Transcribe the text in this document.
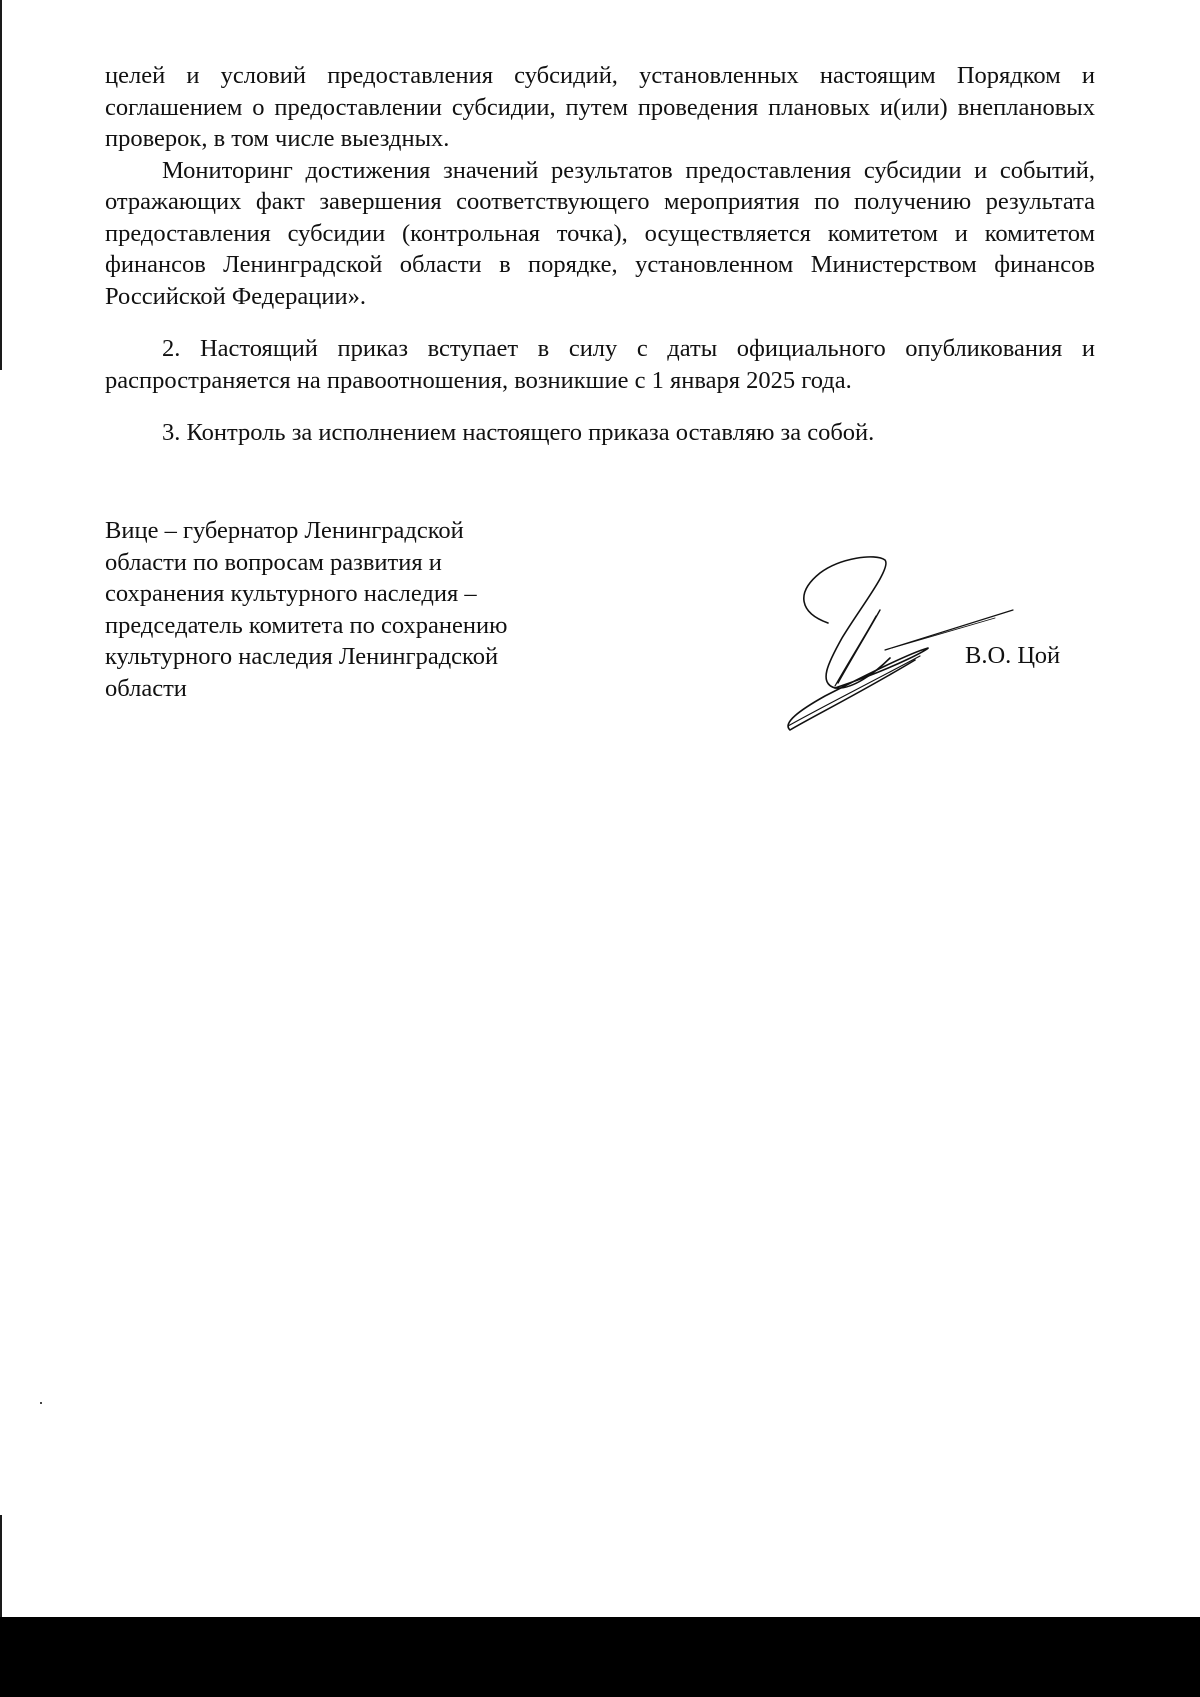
целей и условий предоставления субсидий, установленных настоящим Порядком и соглашением о предоставлении субсидии, путем проведения плановых и(или) внеплановых проверок, в том числе выездных.

Мониторинг достижения значений результатов предоставления субсидии и событий, отражающих факт завершения соответствующего мероприятия по получению результата предоставления субсидии (контрольная точка), осуществляется комитетом и комитетом финансов Ленинградской области в порядке, установленном Министерством финансов Российской Федерации».

2. Настоящий приказ вступает в силу с даты официального опубликования и распространяется на правоотношения, возникшие с 1 января 2025 года.

3. Контроль за исполнением настоящего приказа оставляю за собой.

Вице – губернатор Ленинградской
области по вопросам развития и
сохранения культурного наследия –
председатель комитета по сохранению
культурного наследия Ленинградской
области
В.О. Цой
